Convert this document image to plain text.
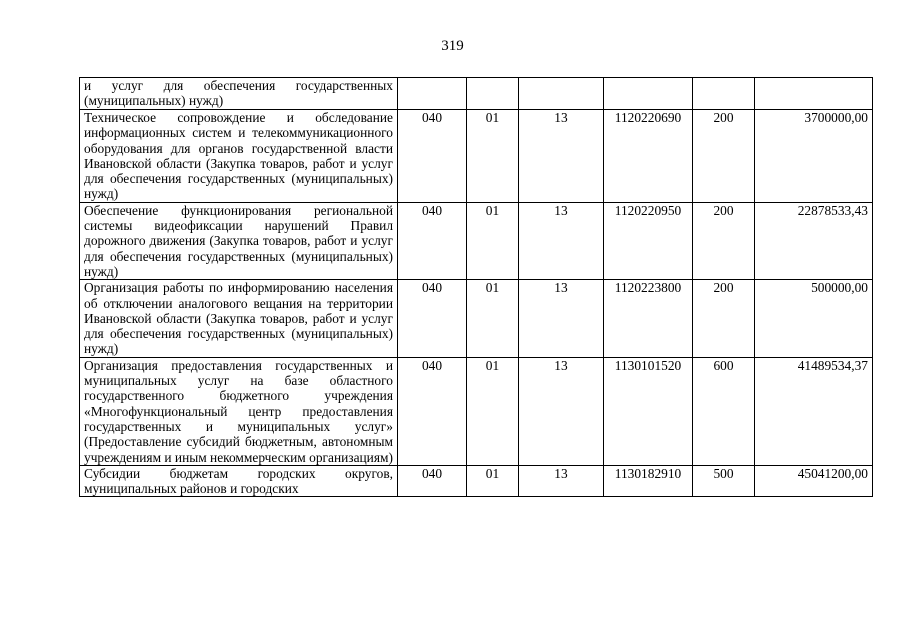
319
и услуг для обеспечения государственных (муниципальных) нужд)						
Техническое сопровождение и обследование информационных систем и телекоммуникационного оборудования для органов государственной власти Ивановской области (Закупка товаров, работ и услуг для обеспечения государственных (муниципальных) нужд)	040	01	13	1120220690	200	3700000,00
Обеспечение функционирования региональной системы видеофиксации нарушений Правил дорожного движения (Закупка товаров, работ и услуг для обеспечения государственных (муниципальных) нужд)	040	01	13	1120220950	200	22878533,43
Организация работы по информированию населения об отключении аналогового вещания на территории Ивановской области (Закупка товаров, работ и услуг для обеспечения государственных (муниципальных) нужд)	040	01	13	1120223800	200	500000,00
Организация предоставления государственных и муниципальных услуг на базе областного государственного бюджетного учреждения «Многофункциональный центр предоставления государственных и муниципальных услуг» (Предоставление субсидий бюджетным, автономным учреждениям и иным некоммерческим организациям)	040	01	13	1130101520	600	41489534,37
Субсидии бюджетам городских округов, муниципальных районов и городских	040	01	13	1130182910	500	45041200,00
